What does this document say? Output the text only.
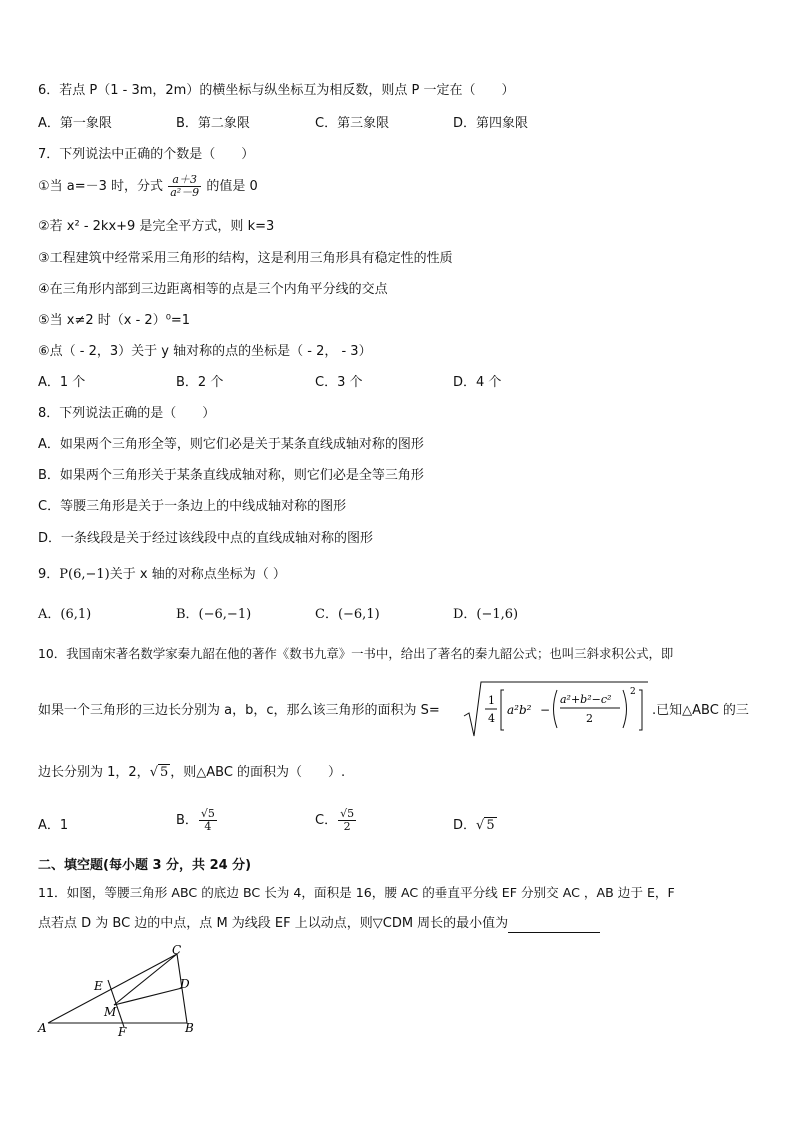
6．若点 P（1 - 3m，2m）的横坐标与纵坐标互为相反数，则点 P 一定在（　　）
A．第一象限	B．第二象限	C．第三象限	D．第四象限
7．下列说法中正确的个数是（　　）
①当 a=－3 时，分式 $\frac{a+3}{\text{a²－9}}$ 的值是 0
②若 x² - 2kx+9 是完全平方式，则 k=3
③工程建筑中经常采用三角形的结构，这是利用三角形具有稳定性的性质
④在三角形内部到三边距离相等的点是三个内角平分线的交点
⑤当 x≠2 时（x - 2）⁰=1
⑥点（ - 2，3）关于 y 轴对称的点的坐标是（ - 2， - 3）
A．1 个	B．2 个	C．3 个	D．4 个
8．下列说法正确的是（　　）
A．如果两个三角形全等，则它们必是关于某条直线成轴对称的图形
B．如果两个三角形关于某条直线成轴对称，则它们必是全等三角形
C．等腰三角形是关于一条边上的中线成轴对称的图形
D．一条线段是关于经过该线段中点的直线成轴对称的图形
9．P(6,−1)关于 x 轴的对称点坐标为（ ）
A．(6,1)	B．(−6,−1)	C．(−6,1)	D．(−1,6)
10．我国南宋著名数学家秦九韶在他的著作《数书九章》一书中，给出了著名的秦九韶公式；也叫三斜求积公式，即
如果一个三角形的三边长分别为 a，b，c，那么该三角形的面积为 S=
1
4
a²b² −
a²+b²−c²
2
2
.已知△ABC 的三
边长分别为 1，2，√ 5 ，则△ABC 的面积为（　　）.
A．1	B． $\frac{√5}{4}$	C． $\frac{√5}{2}$	D．√ 5
二、填空题(每小题 3 分，共 24 分)
11．如图，等腰三角形 ABC 的底边 BC 长为 4，面积是 16，腰 AC 的垂直平分线 EF 分别交 AC ，AB 边于 E，F
点若点 D 为 BC 边的中点，点 M 为线段 EF 上以动点，则▽CDM 周长的最小值为
C
E	D
M
A	F	B
